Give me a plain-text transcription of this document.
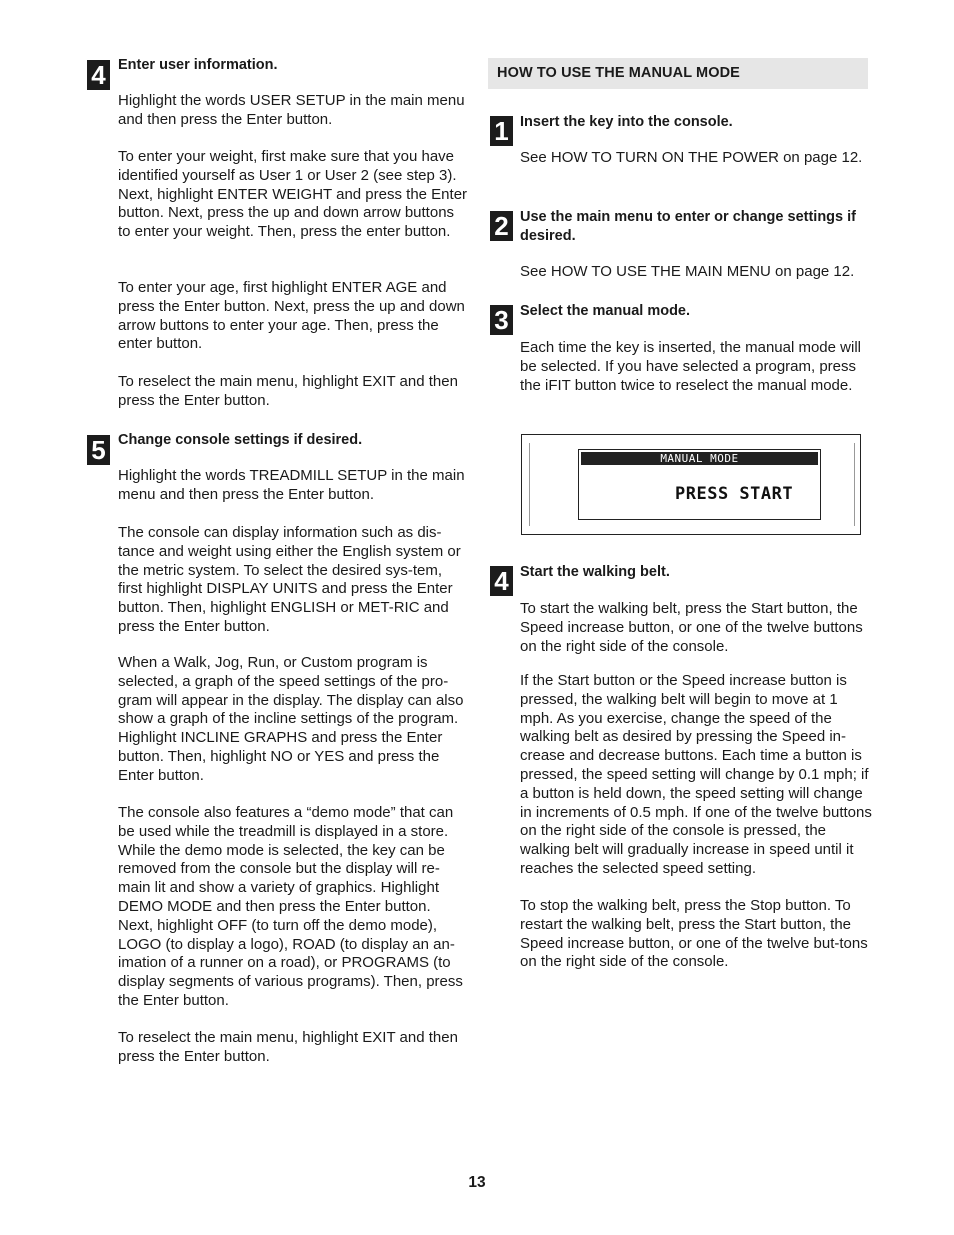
4 Enter user information.

Highlight the words USER SETUP in the main menu and then press the Enter button.

To enter your weight, first make sure that you have identified yourself as User 1 or User 2 (see step 3). Next, highlight ENTER WEIGHT and press the Enter button. Next, press the up and down arrow buttons to enter your weight. Then, press the enter button.

To enter your age, first highlight ENTER AGE and press the Enter button. Next, press the up and down arrow buttons to enter your age. Then, press the enter button.

To reselect the main menu, highlight EXIT and then press the Enter button.

5 Change console settings if desired.

Highlight the words TREADMILL SETUP in the main menu and then press the Enter button.

The console can display information such as dis-tance and weight using either the English system or the metric system. To select the desired sys-tem, first highlight DISPLAY UNITS and press the Enter button. Then, highlight ENGLISH or MET-RIC and press the Enter button.

When a Walk, Jog, Run, or Custom program is selected, a graph of the speed settings of the pro-gram will appear in the display. The display can also show a graph of the incline settings of the program. Highlight INCLINE GRAPHS and press the Enter button. Then, highlight NO or YES and press the Enter button.

The console also features a “demo mode” that can be used while the treadmill is displayed in a store. While the demo mode is selected, the key can be removed from the console but the display will re-main lit and show a variety of graphics. Highlight DEMO MODE and then press the Enter button. Next, highlight OFF (to turn off the demo mode), LOGO (to display a logo), ROAD (to display an an-imation of a runner on a road), or PROGRAMS (to display segments of various programs). Then, press the Enter button.

To reselect the main menu, highlight EXIT and then press the Enter button.

HOW TO USE THE MANUAL MODE
1 Insert the key into the console.

See HOW TO TURN ON THE POWER on page 12.

2 Use the main menu to enter or change settings if desired.

See HOW TO USE THE MAIN MENU on page 12.

3 Select the manual mode.

Each time the key is inserted, the manual mode will be selected. If you have selected a program, press the iFIT button twice to reselect the manual mode.

MANUAL MODE
PRESS START
4 Start the walking belt.

To start the walking belt, press the Start button, the Speed increase button, or one of the twelve buttons on the right side of the console.

If the Start button or the Speed increase button is pressed, the walking belt will begin to move at 1 mph. As you exercise, change the speed of the walking belt as desired by pressing the Speed in-crease and decrease buttons. Each time a button is pressed, the speed setting will change by 0.1 mph; if a button is held down, the speed setting will change in increments of 0.5 mph. If one of the twelve buttons on the right side of the console is pressed, the walking belt will gradually increase in speed until it reaches the selected speed setting.

To stop the walking belt, press the Stop button. To restart the walking belt, press the Start button, the Speed increase button, or one of the twelve but-tons on the right side of the console.

13
